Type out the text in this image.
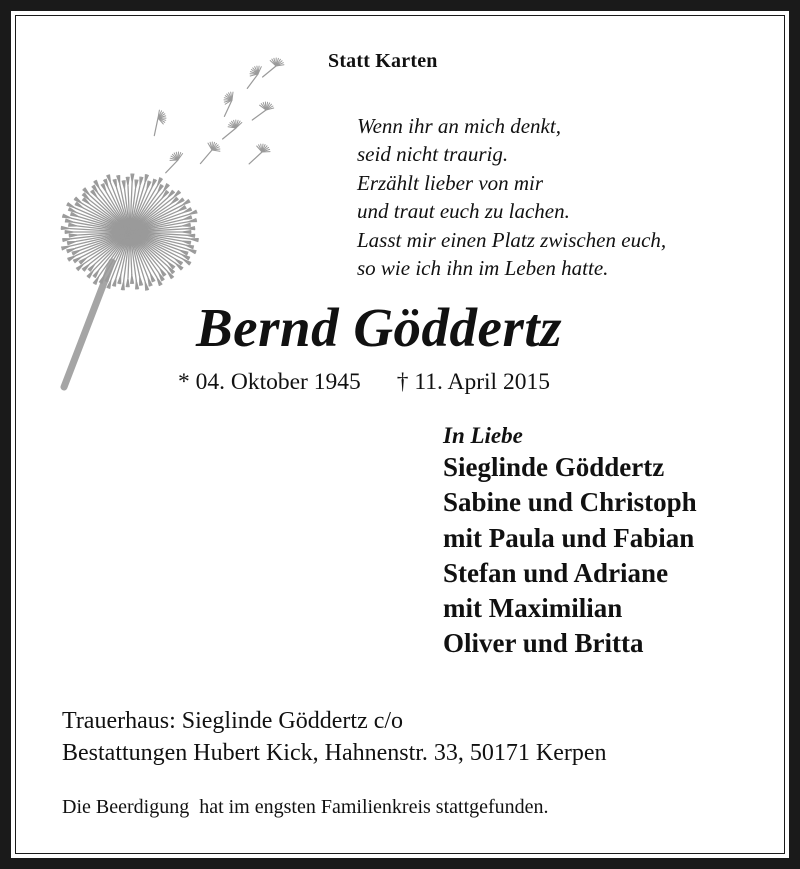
Statt Karten
Wenn ihr an mich denkt,
seid nicht traurig.
Erzählt lieber von mir
und traut euch zu lachen.
Lasst mir einen Platz zwischen euch,
so wie ich ihn im Leben hatte.
Bernd Göddertz
* 04. Oktober 1945 † 11. April 2015
In Liebe
Sieglinde Göddertz
Sabine und Christoph
mit Paula und Fabian
Stefan und Adriane
mit Maximilian
Oliver und Britta
Trauerhaus: Sieglinde Göddertz c/o
Bestattungen Hubert Kick, Hahnenstr. 33, 50171 Kerpen
Die Beerdigung  hat im engsten Familienkreis stattgefunden.
